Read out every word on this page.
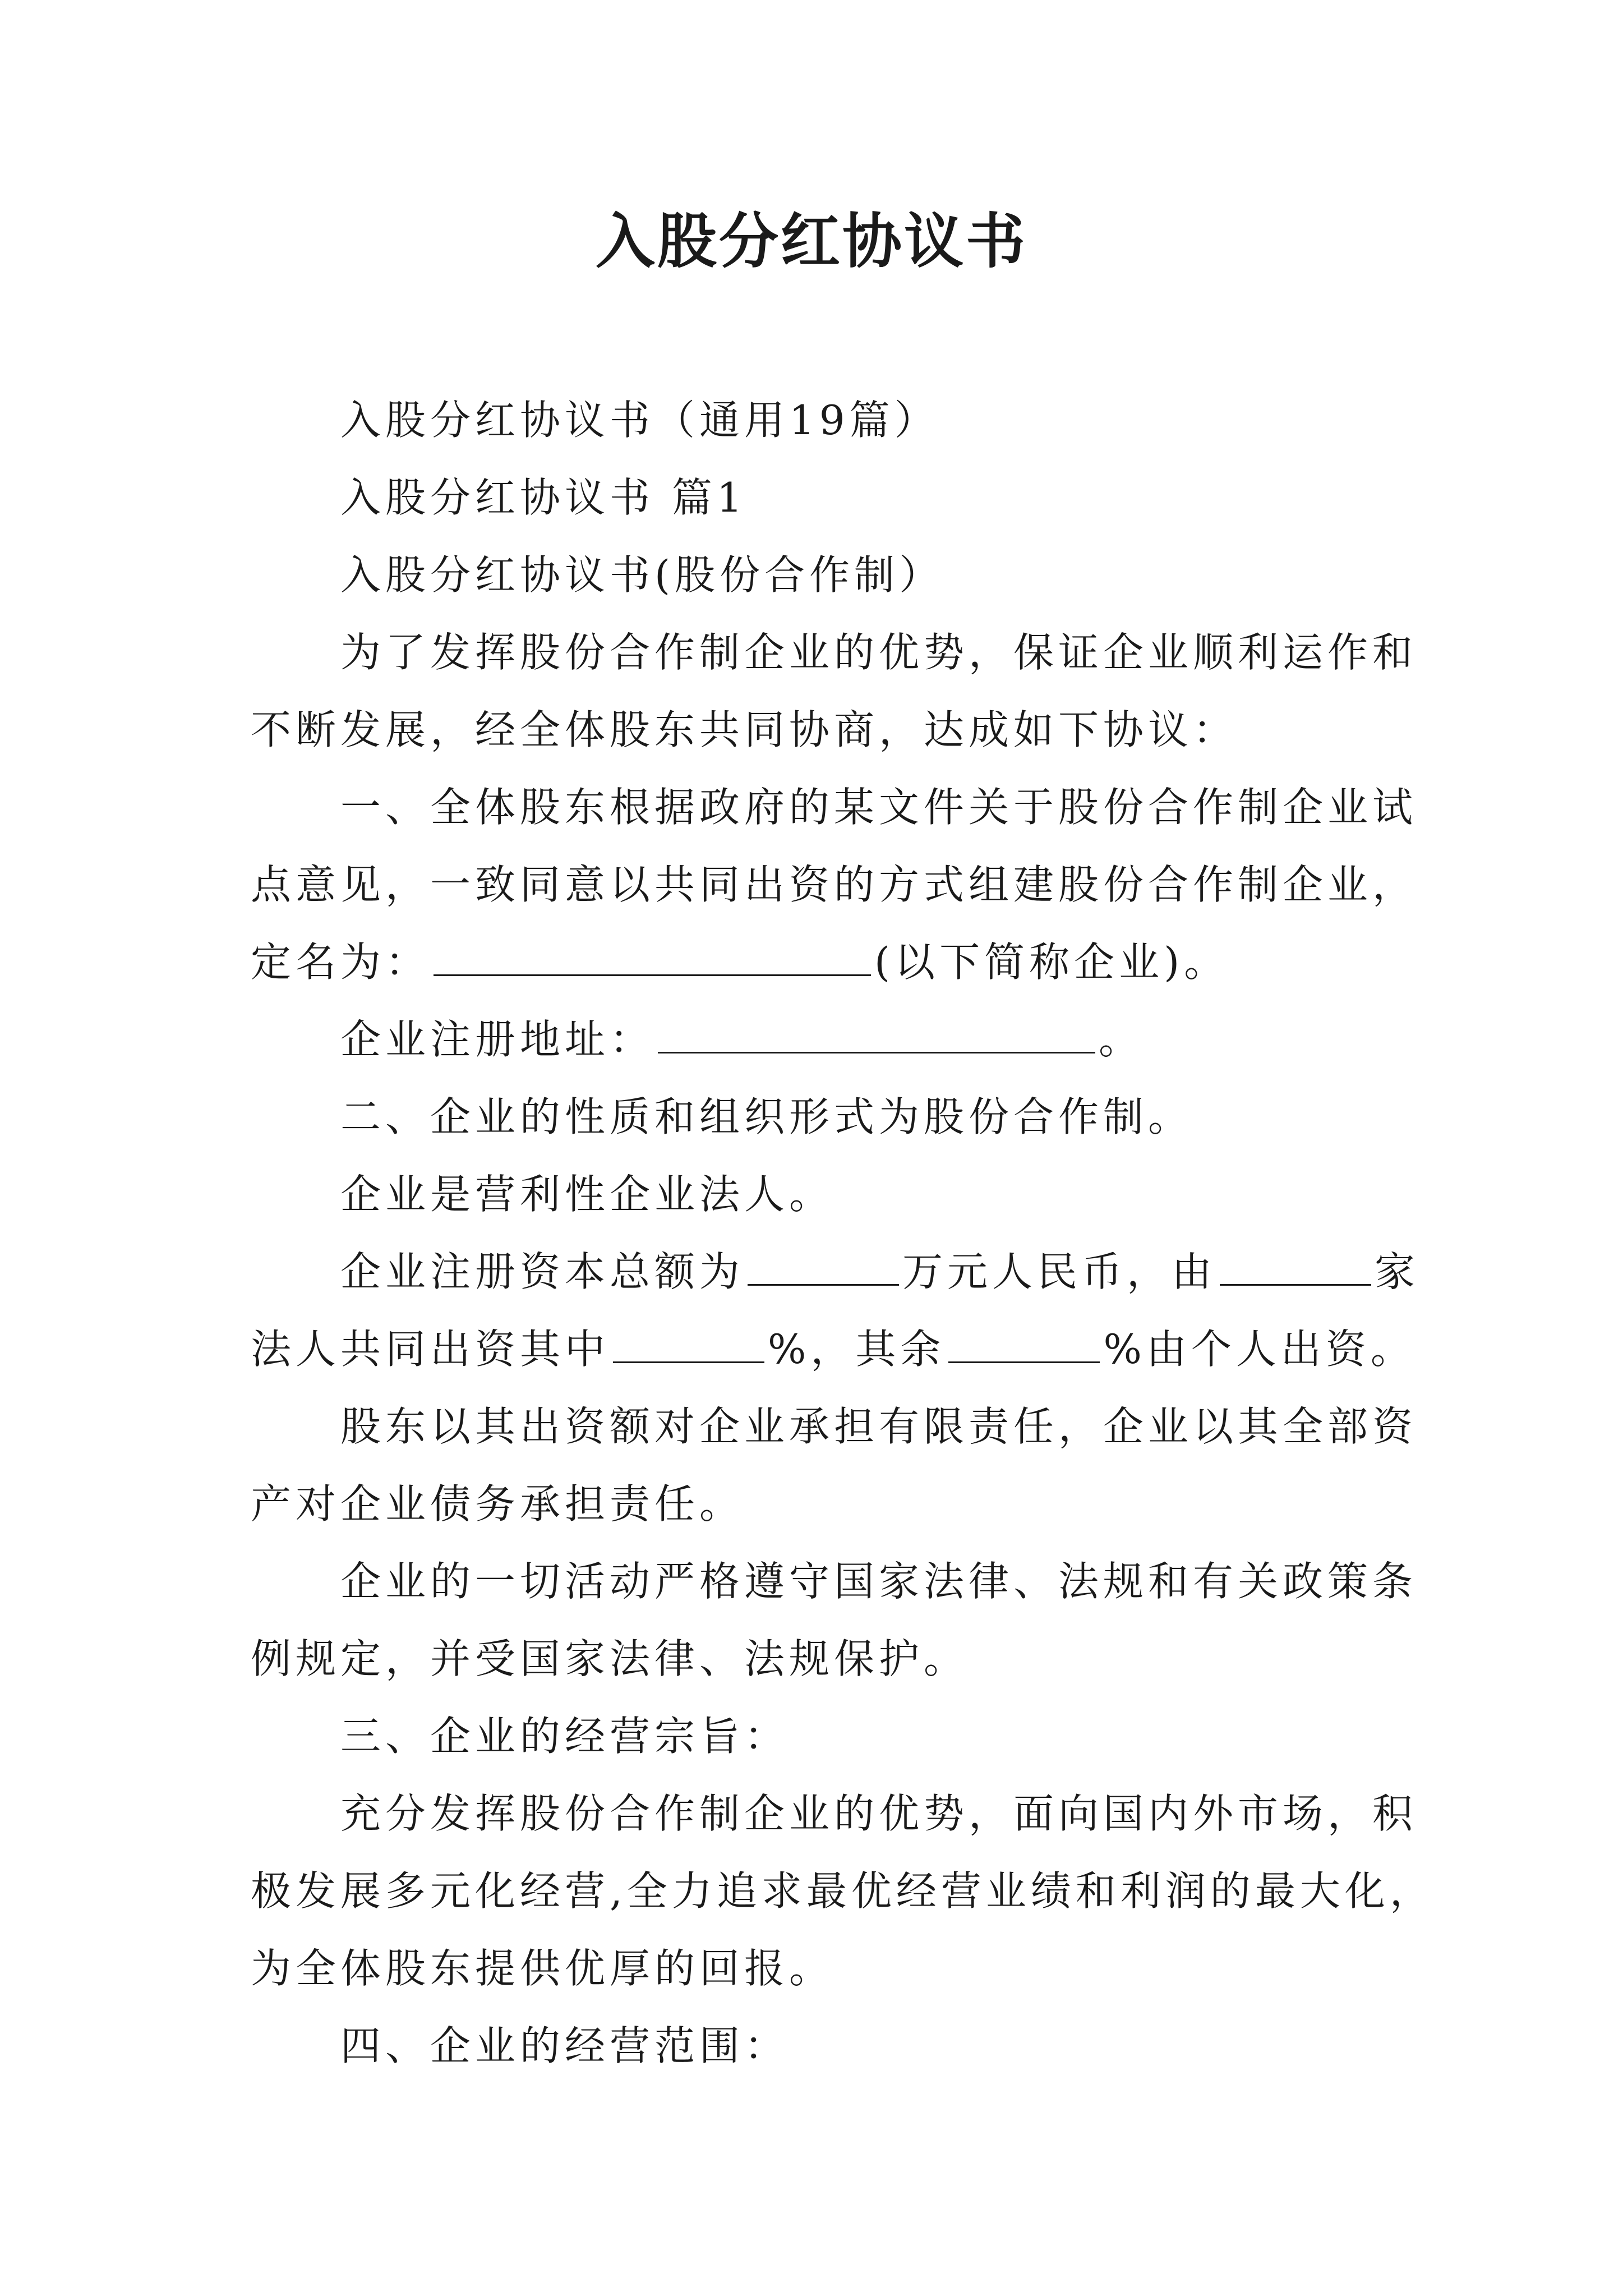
入股分红协议书
入股分红协议书（通用19篇）
入股分红协议书 篇1
入股分红协议书(股份合作制）
为了发挥股份合作制企业的优势，保证企业顺利运作和
不断发展，经全体股东共同协商，达成如下协议：
一、全体股东根据政府的某文件关于股份合作制企业试
点意见，一致同意以共同出资的方式组建股份合作制企业，
定名为：	(以下简称企业)。
企业注册地址：	。
二、企业的性质和组织形式为股份合作制。
企业是营利性企业法人。
企业注册资本总额为	万元人民币，由	家
法人共同出资其中	%，其余	%由个人出资。
股东以其出资额对企业承担有限责任，企业以其全部资
产对企业债务承担责任。
企业的一切活动严格遵守国家法律、法规和有关政策条
例规定，并受国家法律、法规保护。
三、企业的经营宗旨：
充分发挥股份合作制企业的优势，面向国内外市场，积
极发展多元化经营,全力追求最优经营业绩和利润的最大化，
为全体股东提供优厚的回报。
四、企业的经营范围：
